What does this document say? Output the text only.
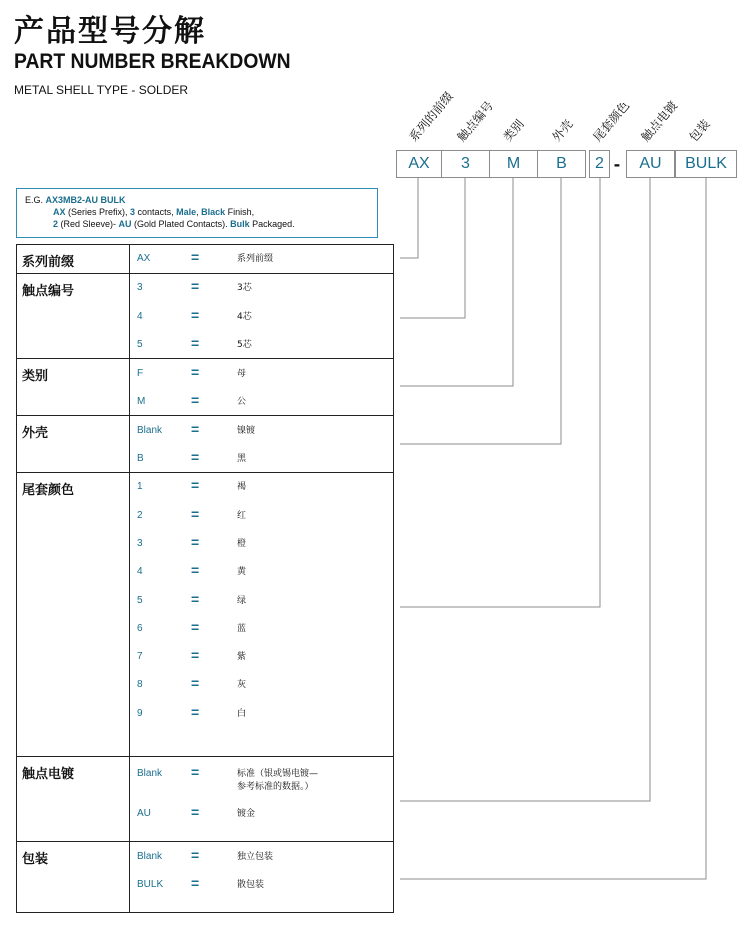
产品型号分解
PART NUMBER BREAKDOWN
METAL SHELL TYPE - SOLDER	系列的前缀
触点编号 类别 外壳 尾套颜色 触点电镀 包装
AX	3	M	B	2 -	AU	BULK
E.G. AX3MB2-AU BULK
AX (Series Prefix), 3 contacts, Male, Black Finish,
2 (Red Sleeve)- AU (Gold Plated Contacts). Bulk Packaged.
系列前缀	AX	=	系列前缀
触点编号	3	=	3芯
4	=	4芯
5	=	5芯
类别	F	=	母
M	=	公
外壳	Blank =	镍镀
B	=	黑
尾套颜色	1	=	褐
2	=	红
3	=	橙
4	=	黄
5	=	绿
6	=	蓝
7	=	紫
8	=	灰
9	=	白
触点电镀	Blank =	标准（银或锡电镀—
参考标准的数据。）
AU	=	镀金
包装	Blank =	独立包装
BULK =	散包装
